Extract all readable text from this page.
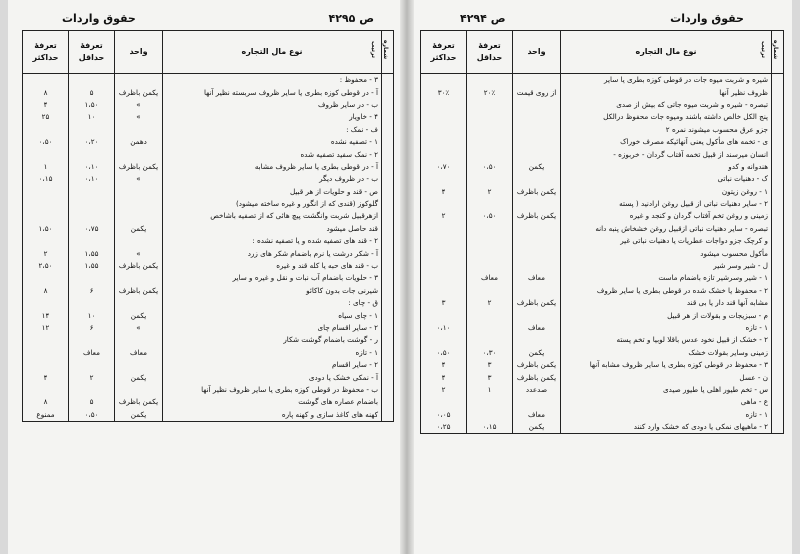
حقوق واردات	ص ۴۲۹۵
شماره ترتیب	نوع مال التجاره	واحد	تعرفهٔ حداقل	تعرفهٔ حداکثر
	۳ - محفوظ :			
	آ - در قوطی کوزه بطری یا سایر ظروف سربسته نظیر آنها	یکمن باظرف	۵	۸
	ب - در سایر ظروف	»	۱،۵۰	۴
	۴ - خاویار	»	۱۰	۲۵
	ف - نمک :			
	۱ - تصفیه نشده	دهمن	۰،۲۰	۰،۵۰
	۲ - نمک سفید تصفیه شده			
	آ - در قوطی بطری یا سایر ظروف مشابه	یکمن باظرف	۰،۱۰	۱
	ب - در ظروف دیگر	»	۰،۱۰	۰،۱۵
	ص - قند و حلویات از هر قبیل			
	گلوکوز (قندی که از انگور و غیره ساخته میشود)			
	ازهرقبیل شربت وانگشت پیچ هائی که از تصفیه باشاخص			
	قند حاصل میشود	یکمن	۰،۷۵	۱،۵۰
	۲ - قند های تصفیه شده و یا تصفیه نشده :			
	آ - شکر درشت یا نرم باضمام شکر های زرد	»	۱،۵۵	۲
	ب - قند های حبه یا کله قند و غیره	یکمن باظرف	۱،۵۵	۲،۵۰
	۳ - حلویات باضمام آب نبات و نقل و غیره و سایر			
	شیرنی جات بدون کاکائو	یکمن باظرف	۶	۸
	ق - چای :			
	۱ - چای سیاه	یکمن	۱۰	۱۴
	۲ - سایر اقسام چای	»	۶	۱۲
	ر - گوشت باضمام گوشت شکار			
	۱ - تازه	معاف	معاف	
	۲ - سایر اقسام			
	آ - نمکی خشک یا دودی	یکمن	۲	۴
	ب - محفوظ در قوطی کوزه بطری یا سایر ظروف نظیر آنها			
	باضمام عصاره های گوشت	یکمن باظرف	۵	۸
	کهنه های کاغذ سازی و کهنه پاره	یکمن	۰،۵۰	ممنوع
حقوق واردات
ص ۴۲۹۴
شماره ترتیب	نوع مال التجاره	واحد	تعرفهٔ حداقل	تعرفهٔ حداکثر
	شیره و شربت میوه جات در قوطی کوزه بطری یا سایر			
	ظروف نظیر آنها	از روی قیمت	۲۰٪	۳۰٪
	تبصره - شیره و شربت میوه جاتی که بیش از صدی			
	پنج الکل خالص داشته باشند ومیوه جات محفوظ درالکل			
	جزو عرق محسوب میشوند نمره ۲			
	ی - تخمه های مأکول یعنی آنهائیکه مصرف خوراک			
	انسان میرسند از قبیل تخمه آفتاب گردان - خربوزه -			
	هندوانه و کدو	یکمن	۰،۵۰	۰،۷۰
	ک - دهنیات نباتی			
	۱ - روغن زیتون	یکمن باظرف	۲	۴
	۲ - سایر دهنیات نباتی از قبیل روغن ارادنید ( پسته			
	زمینی و روغن تخم آفتاب گردان و کنجد و غیره	یکمن باظرف	۰،۵۰	۲
	تبصره - سایر دهنیات نباتی ازقبیل روغن خشخاش پنبه دانه			
	و کرچک جزو دواجات عطریات یا دهنیات نباتی غیر			
	مأکول محسوب میشود			
	ل - شیر وسر شیر			
	۱ - شیر وسرشیر تازه باضمام ماست	معاف	معاف	
	۲ - محفوظ یا خشک شده در قوطی بطری یا سایر ظروف			
	مشابه آنها قند دار یا بی قند	یکمن باظرف	۲	۳
	م - سبزیجات و بقولات از هر قبیل			
	۱ - تازه	معاف		۰،۱۰
	۲ - خشک از قبیل نخود عدس باقلا لوبیا و تخم پسته			
	زمینی وسایر بقولات خشک	یکمن	۰،۳۰	۰،۵۰
	۳ - محفوظ در قوطی کوزه بطری یا سایر ظروف مشابه آنها	یکمن باظرف	۳	۴
	ن - عسل	یکمن باظرف	۳	۴
	س - تخم طیور اهلی یا طیور صیدی	صدعدد	۱	۲
	ع - ماهی			
	۱ - تازه	معاف		۰،۰۵
	۲ - ماهیهای نمکی یا دودی که خشک وارد کنند	یکمن	۰،۱۵	۰،۲۵
